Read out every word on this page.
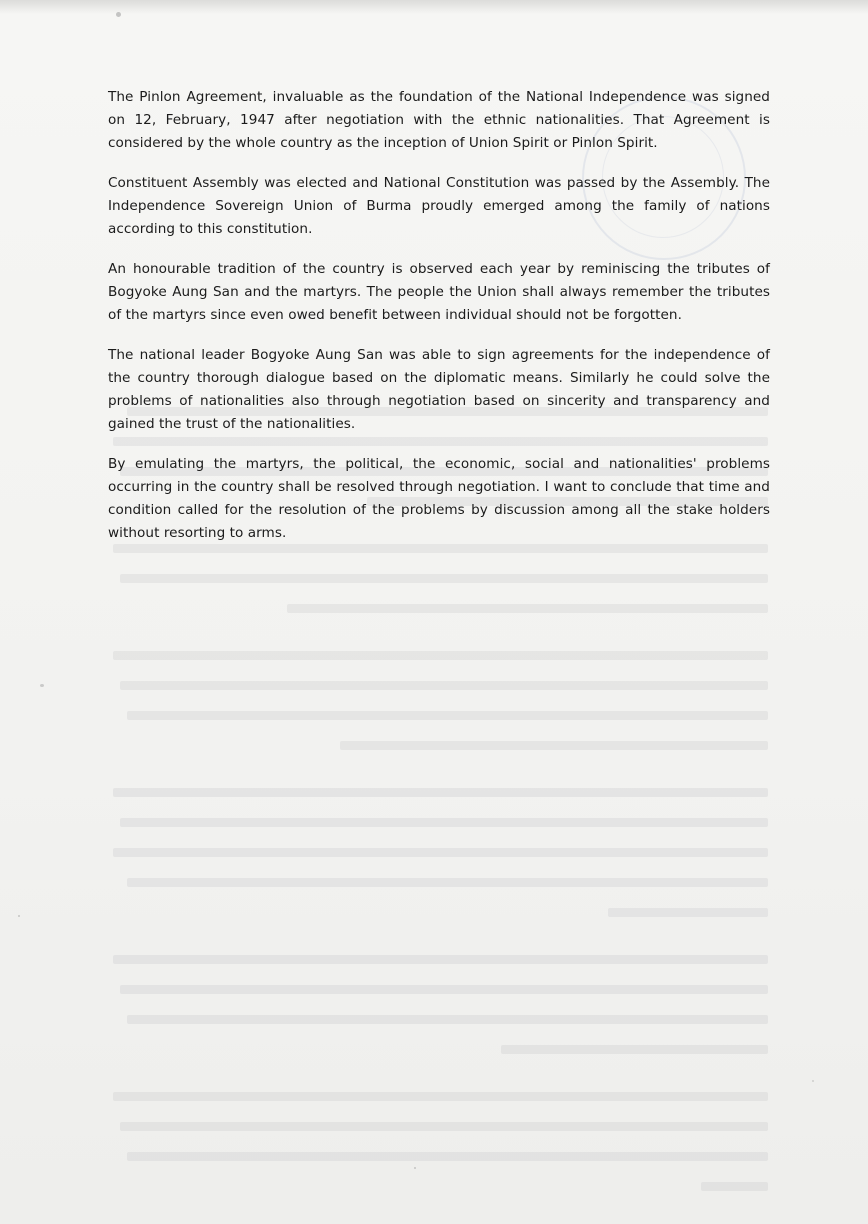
The Pinlon Agreement, invaluable as the foundation of the National Independence was signed on 12, February, 1947 after negotiation with the ethnic nationalities. That Agreement is considered by the whole country as the inception of Union Spirit or Pinlon Spirit.

Constituent Assembly was elected and National Constitution was passed by the Assembly. The Independence Sovereign Union of Burma proudly emerged among the family of nations according to this constitution.

An honourable tradition of the country is observed each year by reminiscing the tributes of Bogyoke Aung San and the martyrs. The people the Union shall always remember the tributes of the martyrs since even owed benefit between individual should not be forgotten.

The national leader Bogyoke Aung San was able to sign agreements for the independence of the country thorough dialogue based on the diplomatic means. Similarly he could solve the problems of nationalities also through negotiation based on sincerity and transparency and gained the trust of the nationalities.

By emulating the martyrs, the political, the economic, social and nationalities' problems occurring in the country shall be resolved through negotiation. I want to conclude that time and condition called for the resolution of the problems by discussion among all the stake holders without resorting to arms.
